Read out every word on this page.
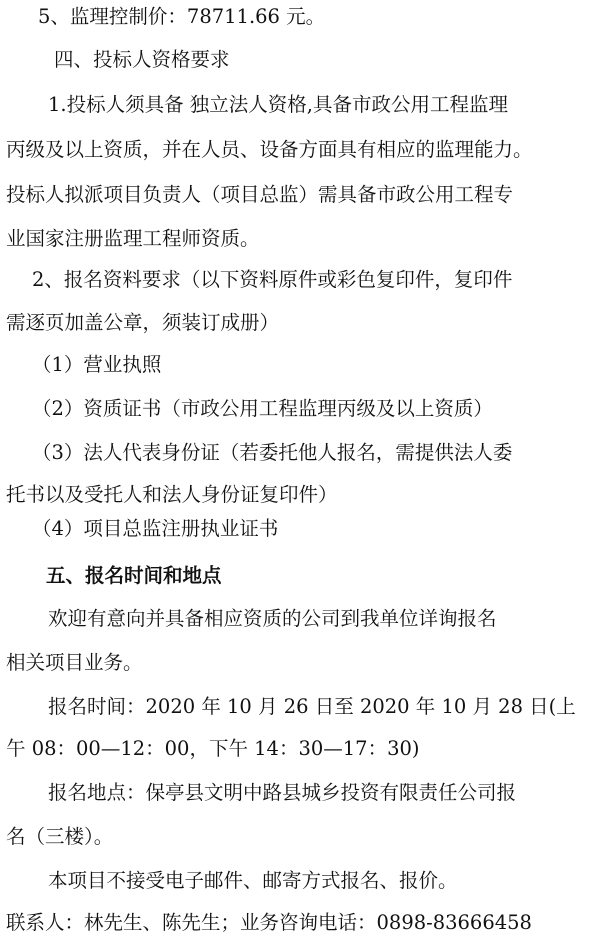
5、监理控制价：78711.66 元。
四、投标人资格要求
1.投标人须具备 独立法人资格,具备市政公用工程监理
丙级及以上资质，并在人员、设备方面具有相应的监理能力。
投标人拟派项目负责人（项目总监）需具备市政公用工程专
业国家注册监理工程师资质。
2、报名资料要求（以下资料原件或彩色复印件，复印件
需逐页加盖公章，须装订成册）
（1）营业执照
（2）资质证书（市政公用工程监理丙级及以上资质）
（3）法人代表身份证（若委托他人报名，需提供法人委
托书以及受托人和法人身份证复印件）
（4）项目总监注册执业证书
五、报名时间和地点
欢迎有意向并具备相应资质的公司到我单位详询报名
相关项目业务。
报名时间：2020 年 10 月 26 日至 2020 年 10 月 28 日(上
午 08：00—12：00，下午 14：30—17：30)
报名地点：保亭县文明中路县城乡投资有限责任公司报
名（三楼）。
本项目不接受电子邮件、邮寄方式报名、报价。
联系人：林先生、陈先生；业务咨询电话：0898-83666458
